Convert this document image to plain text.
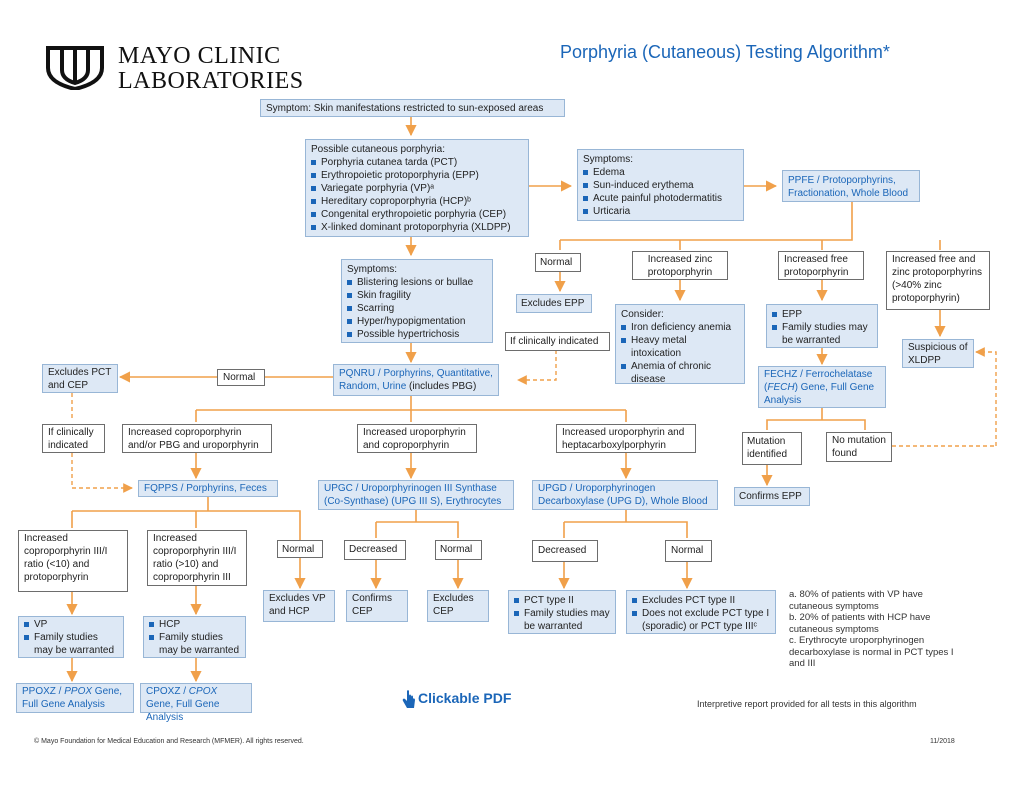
MAYO CLINIC
LABORATORIES
Porphyria (Cutaneous) Testing Algorithm*
Symptom: Skin manifestations restricted to sun-exposed areas
Possible cutaneous porphyria:
Porphyria cutanea tarda (PCT)
Erythropoietic protoporphyria (EPP)
Variegate porphyria (VP)ᵃ
Hereditary coproporphyria (HCP)ᵇ
Congenital erythropoietic porphyria (CEP)
X-linked dominant protoporphyria (XLDPP)
Symptoms:
Edema
Sun-induced erythema
Acute painful photodermatitis
Urticaria
PPFE / Protoporphyrins, Fractionation, Whole Blood
Symptoms:
Blistering lesions or bullae
Skin fragility
Scarring
Hyper/hypopigmentation
Possible hypertrichosis
Normal
Excludes EPP
If clinically indicated
Increased zinc protoporphyrin
Consider:
Iron deficiency anemia
Heavy metal intoxication
Anemia of chronic disease
Increased free protoporphyrin
EPP
Family studies may be warranted
Increased free and zinc protoporphyrins (>40% zinc protoporphyrin)
Suspicious of XLDPP
FECHZ / Ferrochelatase (FECH) Gene, Full Gene Analysis
Mutation identified
No mutation found
Confirms EPP
Excludes PCT and CEP
Normal	PQNRU / Porphyrins, Quantitative, Random, Urine (includes PBG)
If clinically indicated
Increased coproporphyrin and/or PBG and uroporphyrin
Increased uroporphyrin and coproporphyrin
Increased uroporphyrin and heptacarboxylporphyrin
FQPPS / Porphyrins, Feces	UPGC / Uroporphyrinogen III Synthase (Co-Synthase) (UPG III S), Erythrocytes
UPGD / Uroporphyrinogen Decarboxylase (UPG D), Whole Blood
Increased coproporphyrin III/I ratio (<10) and protoporphyrin
Increased coproporphyrin III/I ratio (>10) and coproporphyrin III
Normal	Decreased	Normal	Decreased	Normal
Excludes VP and HCP
Confirms CEP
Excludes CEP
PCT type II
Family studies may be warranted
Excludes PCT type II
Does not exclude PCT type I (sporadic) or PCT type IIIᶜ
VP
Family studies may be warranted
HCP
Family studies may be warranted
PPOXZ / PPOX Gene, Full Gene Analysis
CPOXZ / CPOX Gene, Full Gene Analysis
a. 80% of patients with VP have cutaneous symptoms
b. 20% of patients with HCP have cutaneous symptoms
c. Erythrocyte uroporphyrinogen decarboxylase is normal in PCT types I and III
Clickable PDF	Interpretive report provided for all tests in this algorithm
© Mayo Foundation for Medical Education and Research (MFMER). All rights reserved.	11/2018
